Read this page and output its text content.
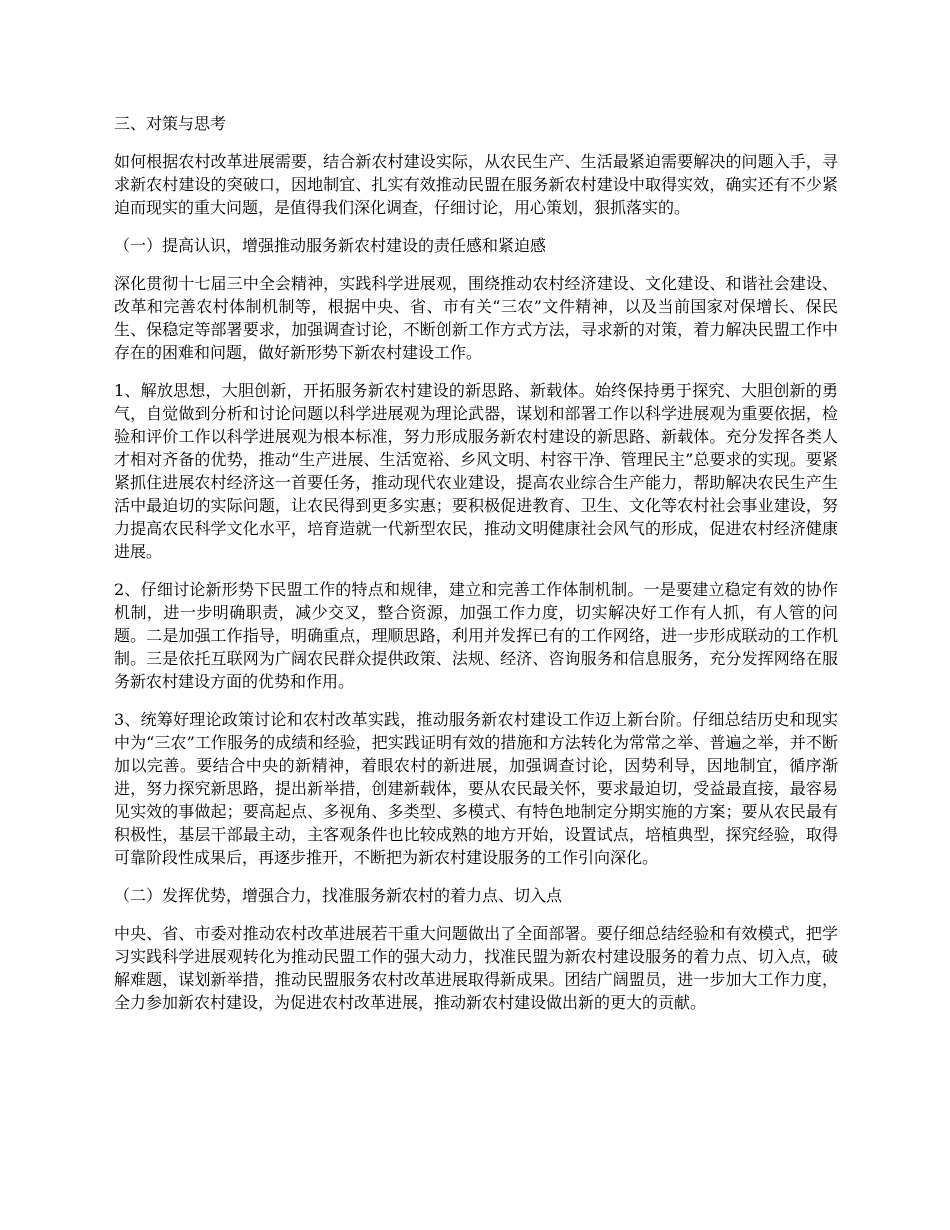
三、对策与思考

如何根据农村改革进展需要，结合新农村建设实际，从农民生产、生活最紧迫需要解决的问题入手，寻求新农村建设的突破口，因地制宜、扎实有效推动民盟在服务新农村建设中取得实效，确实还有不少紧迫而现实的重大问题，是值得我们深化调查，仔细讨论，用心策划，狠抓落实的。

（一）提高认识，增强推动服务新农村建设的责任感和紧迫感

深化贯彻十七届三中全会精神，实践科学进展观，围绕推动农村经济建设、文化建设、和谐社会建设、改革和完善农村体制机制等，根据中央、省、市有关“三农”文件精神，以及当前国家对保增长、保民生、保稳定等部署要求，加强调查讨论，不断创新工作方式方法，寻求新的对策，着力解决民盟工作中存在的困难和问题，做好新形势下新农村建设工作。

1、解放思想，大胆创新，开拓服务新农村建设的新思路、新载体。始终保持勇于探究、大胆创新的勇气，自觉做到分析和讨论问题以科学进展观为理论武器，谋划和部署工作以科学进展观为重要依据，检验和评价工作以科学进展观为根本标准，努力形成服务新农村建设的新思路、新载体。充分发挥各类人才相对齐备的优势，推动“生产进展、生活宽裕、乡风文明、村容干净、管理民主”总要求的实现。要紧紧抓住进展农村经济这一首要任务，推动现代农业建设，提高农业综合生产能力，帮助解决农民生产生活中最迫切的实际问题，让农民得到更多实惠；要积极促进教育、卫生、文化等农村社会事业建设，努力提高农民科学文化水平，培育造就一代新型农民，推动文明健康社会风气的形成，促进农村经济健康进展。

2、仔细讨论新形势下民盟工作的特点和规律，建立和完善工作体制机制。一是要建立稳定有效的协作机制，进一步明确职责，减少交叉，整合资源，加强工作力度，切实解决好工作有人抓，有人管的问题。二是加强工作指导，明确重点，理顺思路，利用并发挥已有的工作网络，进一步形成联动的工作机制。三是依托互联网为广阔农民群众提供政策、法规、经济、咨询服务和信息服务，充分发挥网络在服务新农村建设方面的优势和作用。

3、统筹好理论政策讨论和农村改革实践，推动服务新农村建设工作迈上新台阶。仔细总结历史和现实中为“三农”工作服务的成绩和经验，把实践证明有效的措施和方法转化为常常之举、普遍之举，并不断加以完善。要结合中央的新精神，着眼农村的新进展，加强调查讨论，因势利导，因地制宜，循序渐进，努力探究新思路，提出新举措，创建新载体，要从农民最关怀，要求最迫切，受益最直接，最容易见实效的事做起；要高起点、多视角、多类型、多模式、有特色地制定分期实施的方案；要从农民最有积极性，基层干部最主动，主客观条件也比较成熟的地方开始，设置试点，培植典型，探究经验，取得可靠阶段性成果后，再逐步推开，不断把为新农村建设服务的工作引向深化。

（二）发挥优势，增强合力，找准服务新农村的着力点、切入点

中央、省、市委对推动农村改革进展若干重大问题做出了全面部署。要仔细总结经验和有效模式，把学习实践科学进展观转化为推动民盟工作的强大动力，找准民盟为新农村建设服务的着力点、切入点，破解难题，谋划新举措，推动民盟服务农村改革进展取得新成果。团结广阔盟员，进一步加大工作力度，全力参加新农村建设，为促进农村改革进展，推动新农村建设做出新的更大的贡献。
